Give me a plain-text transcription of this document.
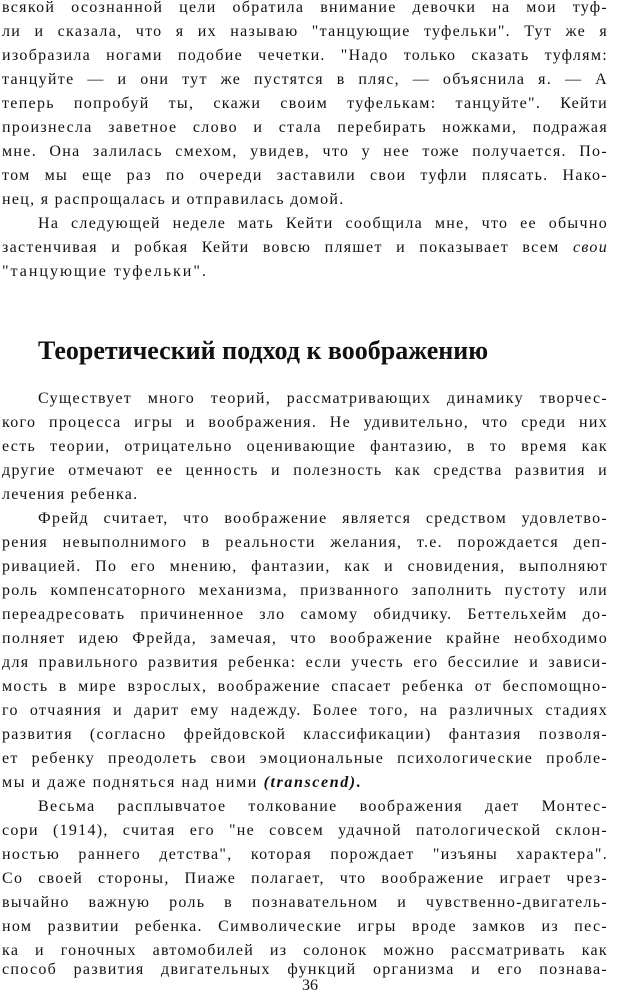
всякой осознанной цели обратила внимание девочки на мои туф-
ли и сказала, что я их называю "танцующие туфельки". Тут же я
изобразила ногами подобие чечетки. "Надо только сказать туфлям:
танцуйте — и они тут же пустятся в пляс, — объяснила я. — А
теперь попробуй ты, скажи своим туфелькам: танцуйте". Кейти
произнесла заветное слово и стала перебирать ножками, подражая
мне. Она залилась смехом, увидев, что у нее тоже получается. По-
том мы еще раз по очереди заставили свои туфли плясать. Нако-
нец, я распрощалась и отправилась домой.
На следующей неделе мать Кейти сообщила мне, что ее обычно
застенчивая и робкая Кейти вовсю пляшет и показывает всем свои
"танцующие туфельки".
Теоретический подход к воображению
Существует много теорий, рассматривающих динамику творчес-
кого процесса игры и воображения. Не удивительно, что среди них
есть теории, отрицательно оценивающие фантазию, в то время как
другие отмечают ее ценность и полезность как средства развития и
лечения ребенка.
Фрейд считает, что воображение является средством удовлетво-
рения невыполнимого в реальности желания, т.е. порождается деп-
ривацией. По его мнению, фантазии, как и сновидения, выполняют
роль компенсаторного механизма, призванного заполнить пустоту или
переадресовать причиненное зло самому обидчику. Беттельхейм до-
полняет идею Фрейда, замечая, что воображение крайне необходимо
для правильного развития ребенка: если учесть его бессилие и зависи-
мость в мире взрослых, воображение спасает ребенка от беспомощно-
го отчаяния и дарит ему надежду. Более того, на различных стадиях
развития (согласно фрейдовской классификации) фантазия позволя-
ет ребенку преодолеть свои эмоциональные психологические пробле-
мы и даже подняться над ними (transcend).
Весьма расплывчатое толкование воображения дает Монтес-
сори (1914), считая его "не совсем удачной патологической склон-
ностью раннего детства", которая порождает "изъяны характера".
Со своей стороны, Пиаже полагает, что воображение играет чрез-
вычайно важную роль в познавательном и чувственно-двигатель-
ном развитии ребенка. Символические игры вроде замков из пес-
ка и гоночных автомобилей из солонок можно рассматривать как
способ развития двигательных функций организма и его познава-
36
